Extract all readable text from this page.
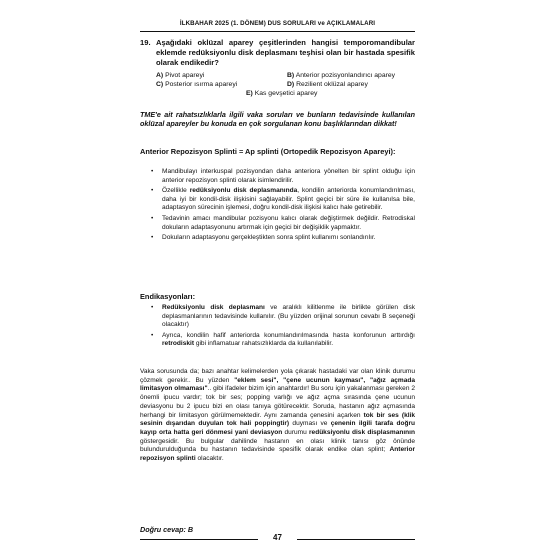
İLKBAHAR 2025 (1. DÖNEM) DUS SORULARI ve AÇIKLAMALARI
19. Aşağıdaki oklüzal aparey çeşitlerinden hangisi temporomandibular eklemde redüksiyonlu disk deplasmanı teşhisi olan bir hastada spesifik olarak endikedir?
A) Pivot apareyi	B) Anterior pozisyonlandırıcı aparey
C) Posterior ısırma apareyi	D) Rezilient oklüzal aparey
E) Kas gevşetici aparey
TME'e ait rahatsızlıklarla ilgili vaka soruları ve bunların tedavisinde kullanılan oklüzal apareyler bu konuda en çok sorgulanan konu başlıklarından dikkat!
Anterior Repozisyon Splinti = Ap splinti (Ortopedik Repozisyon Apareyi):
• Mandibulayı interkuspal pozisyondan daha anteriora yönelten bir splint olduğu için anterior repozisyon splinti olarak isimlendirilir.
• Özellikle redüksiyonlu disk deplasmanında, kondilin anteriorda konumlandırılması, daha iyi bir kondil-disk ilişkisini sağlayabilir. Splint geçici bir süre ile kullanılsa bile, adaptasyon sürecinin işlemesi, doğru kondil-disk ilişkisi kalıcı hale getirebilir.
• Tedavinin amacı mandibular pozisyonu kalıcı olarak değiştirmek değildir. Retrodiskal dokuların adaptasyonunu artırmak için geçici bir değişiklik yapmaktır.
• Dokuların adaptasyonu gerçekleştikten sonra splint kullanımı sonlandırılır.
Endikasyonları:
• Redüksiyonlu disk deplasmanı ve aralıklı kilitlenme ile birlikte görülen disk deplasmanlarının tedavisinde kullanılır. (Bu yüzden orijinal sorunun cevabı B seçeneği olacaktır)
• Ayrıca, kondilin hafif anteriorda konumlandırılmasında hasta konforunun arttırdığı retrodiskit gibi inflamatuar rahatsızlıklarda da kullanılabilir.
Vaka sorusunda da; bazı anahtar kelimelerden yola çıkarak hastadaki var olan klinik durumu çözmek gerekir.. Bu yüzden "eklem sesi", "çene ucunun kayması", "ağız açmada limitasyon olmaması".. gibi ifadeler bizim için anahtardır! Bu soru için yakalanması gereken 2 önemli ipucu vardır; tok bir ses; popping varlığı ve ağız açma sırasında çene ucunun deviasyonu bu 2 ipucu bizi en olası tanıya götürecektir. Soruda, hastanın ağız açmasında herhangi bir limitasyon görülmemektedir. Aynı zamanda çenesini açarken tok bir ses (klik sesinin dışarıdan duyulan tok hali poppingtir) duyması ve çenenin ilgili tarafa doğru kayıp orta hatta geri dönmesi yani deviasyon durumu redüksiyonlu disk displasmanının göstergesidir. Bu bulgular dahilinde hastanın en olası klinik tanısı göz önünde bulundurulduğunda bu hastanın tedavisinde spesifik olarak endike olan splint; Anterior repozisyon splinti olacaktır.
Doğru cevap: B
47
